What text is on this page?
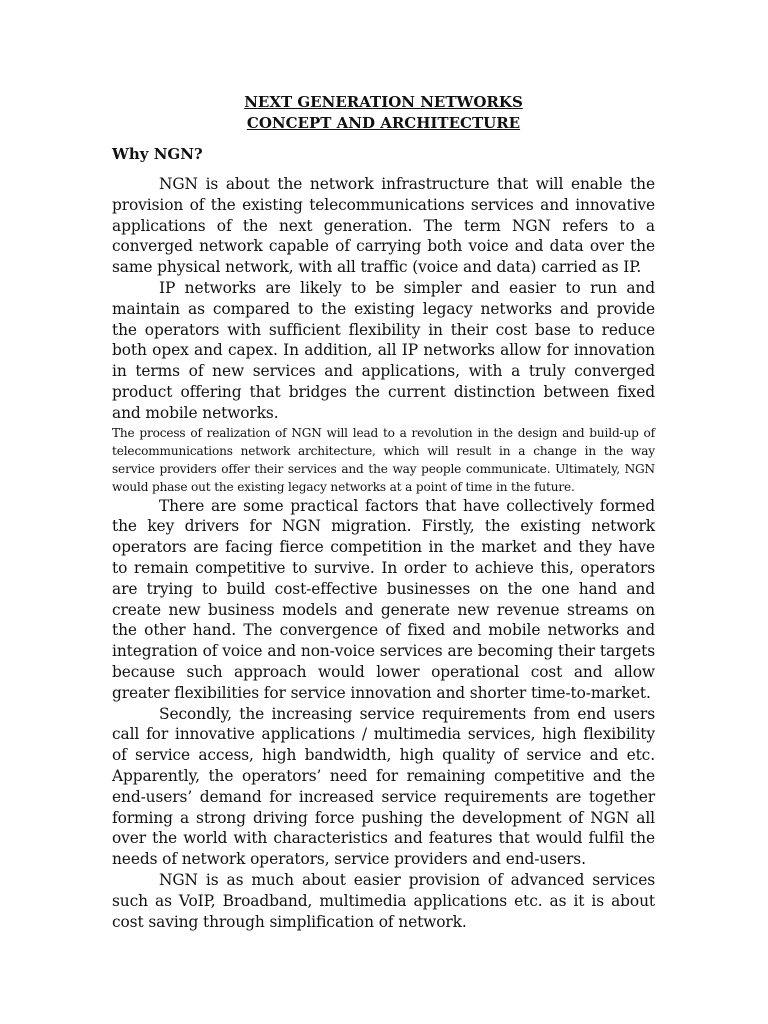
NEXT GENERATION NETWORKS

CONCEPT AND ARCHITECTURE

Why NGN?

NGN is about the network infrastructure that will enable the provision of the existing telecommunications services and innovative applications of the next generation. The term NGN refers to a converged network capable of carrying both voice and data over the same physical network, with all traffic (voice and data) carried as IP.

IP networks are likely to be simpler and easier to run and maintain as compared to the existing legacy networks and provide the operators with sufficient flexibility in their cost base to reduce both opex and capex. In addition, all IP networks allow for innovation in terms of new services and applications, with a truly converged product offering that bridges the current distinction between fixed and mobile networks.

The process of realization of NGN will lead to a revolution in the design and build-up of telecommunications network architecture, which will result in a change in the way service providers offer their services and the way people communicate. Ultimately, NGN would phase out the existing legacy networks at a point of time in the future.

There are some practical factors that have collectively formed the key drivers for NGN migration. Firstly, the existing network operators are facing fierce competition in the market and they have to remain competitive to survive. In order to achieve this, operators are trying to build cost-effective businesses on the one hand and create new business models and generate new revenue streams on the other hand. The convergence of fixed and mobile networks and integration of voice and non-voice services are becoming their targets because such approach would lower operational cost and allow greater flexibilities for service innovation and shorter time-to-market.

Secondly, the increasing service requirements from end users call for innovative applications / multimedia services, high flexibility of service access, high bandwidth, high quality of service and etc. Apparently, the operators’ need for remaining competitive and the end-users’ demand for increased service requirements are together forming a strong driving force pushing the development of NGN all over the world with characteristics and features that would fulfil the needs of network operators, service providers and end-users.

NGN is as much about easier provision of advanced services such as VoIP, Broadband, multimedia applications etc. as it is about cost saving through simplification of network.
